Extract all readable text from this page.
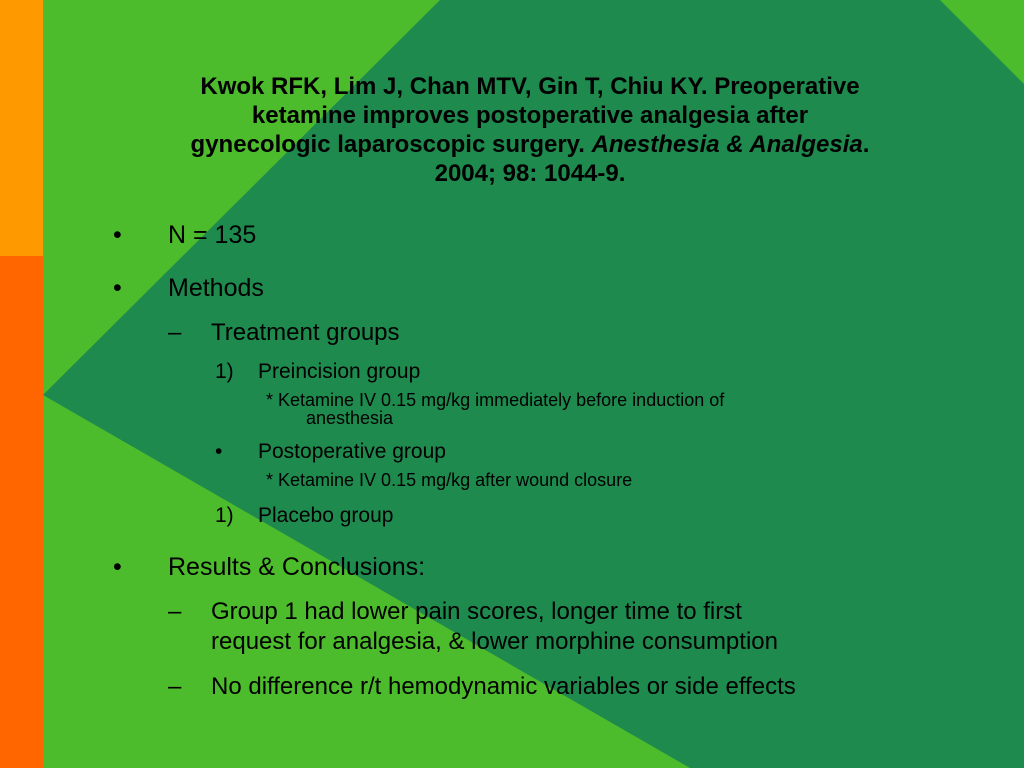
Kwok RFK, Lim J, Chan MTV, Gin T, Chiu KY. Preoperative
ketamine improves postoperative analgesia after
gynecologic laparoscopic surgery. Anesthesia & Analgesia.
2004; 98: 1044-9.
• N = 135
• Methods
– Treatment groups
1) Preincision group
* Ketamine IV 0.15 mg/kg immediately before induction of
anesthesia
• Postoperative group
* Ketamine IV 0.15 mg/kg after wound closure
1) Placebo group
• Results & Conclusions:
– Group 1 had lower pain scores, longer time to first
request for analgesia, & lower morphine consumption
– No difference r/t hemodynamic variables or side effects
